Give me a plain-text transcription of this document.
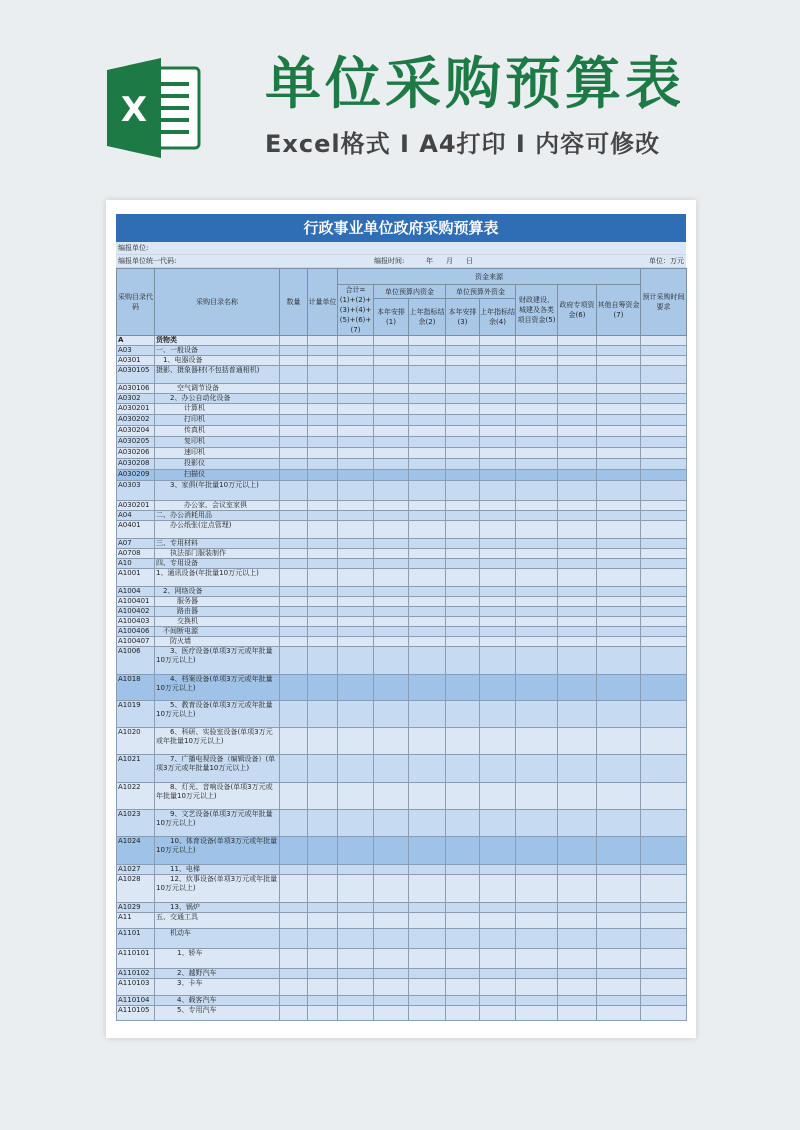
X 单位采购预算表
Excel格式 I A4打印 I 内容可修改
行政事业单位政府采购预算表
编报单位:
编报单位统一代码:	编报时间:	年 月 日	单位：万元
采购目录代码	采购目录名称	数量	计量单位	资金来源								预计采购时间要求
				合计=(1)+(2)+(3)+(4)+(5)+(6)+(7)	单位预算内资金		单位预算外资金		财政建设、城建及各类项目资金(5)	政府专项资金(6)	其他自筹资金(7)	
					本年安排(1)	上年指标结余(2)	本年安排(3)	上年指标结余(4)				
A	货物类											
A03	一、一般设备											
A0301	　1、电器设备											
A030105	摄影、摄象器材(不包括普通相机)											
A030106	　　　空气调节设备											
A0302	　　2、办公自动化设备											
A030201	　　　　计算机											
A030202	　　　　打印机											
A030204	　　　　传真机											
A030205	　　　　复印机											
A030206	　　　　速印机											
A030208	　　　　投影仪											
A030209	　　　　扫描仪											
A0303	　　3、家俱(年批量10万元以上)											
A030201	　　　　办公家、会议室家俱											
A04	二、办公消耗用品											
A0401	　　办公纸张(定点管理)											
A07	三、专用材料											
A0708	　　执法部门服装制作											
A10	四、专用设备											
A1001	1、通讯设备(年批量10万元以上)											
A1004	　2、网络设备											
A100401	　　　服务器											
A100402	　　　路由器											
A100403	　　　交换机											
A100406	　不间断电源											
A100407	　　防火墙											
A1006	　　3、医疗设备(单项3万元或年批量10万元以上)											
A1018	　　4、档案设备(单项3万元或年批量10万元以上)											
A1019	　　5、教育设备(单项3万元或年批量10万元以上)											
A1020	　　6、科研、实验室设备(单项3万元或年批量10万元以上)											
A1021	　　7、广播电视设备（编辑设备）(单项3万元或年批量10万元以上)											
A1022	　　8、灯光、音响设备(单项3万元或年批量10万元以上)											
A1023	　　9、文艺设备(单项3万元或年批量10万元以上)											
A1024	　　10、体育设备(单项3万元或年批量10万元以上)											
A1027	　　11、电梯											
A1028	　　12、炊事设备(单项3万元或年批量10万元以上)											
A1029	　　13、锅炉											
A11	五、交通工具											
A1101	　　机动车											
A110101	　　　1、轿车											
A110102	　　　2、越野汽车											
A110103	　　　3、卡车											
A110104	　　　4、载客汽车											
A110105	　　　5、专用汽车											
